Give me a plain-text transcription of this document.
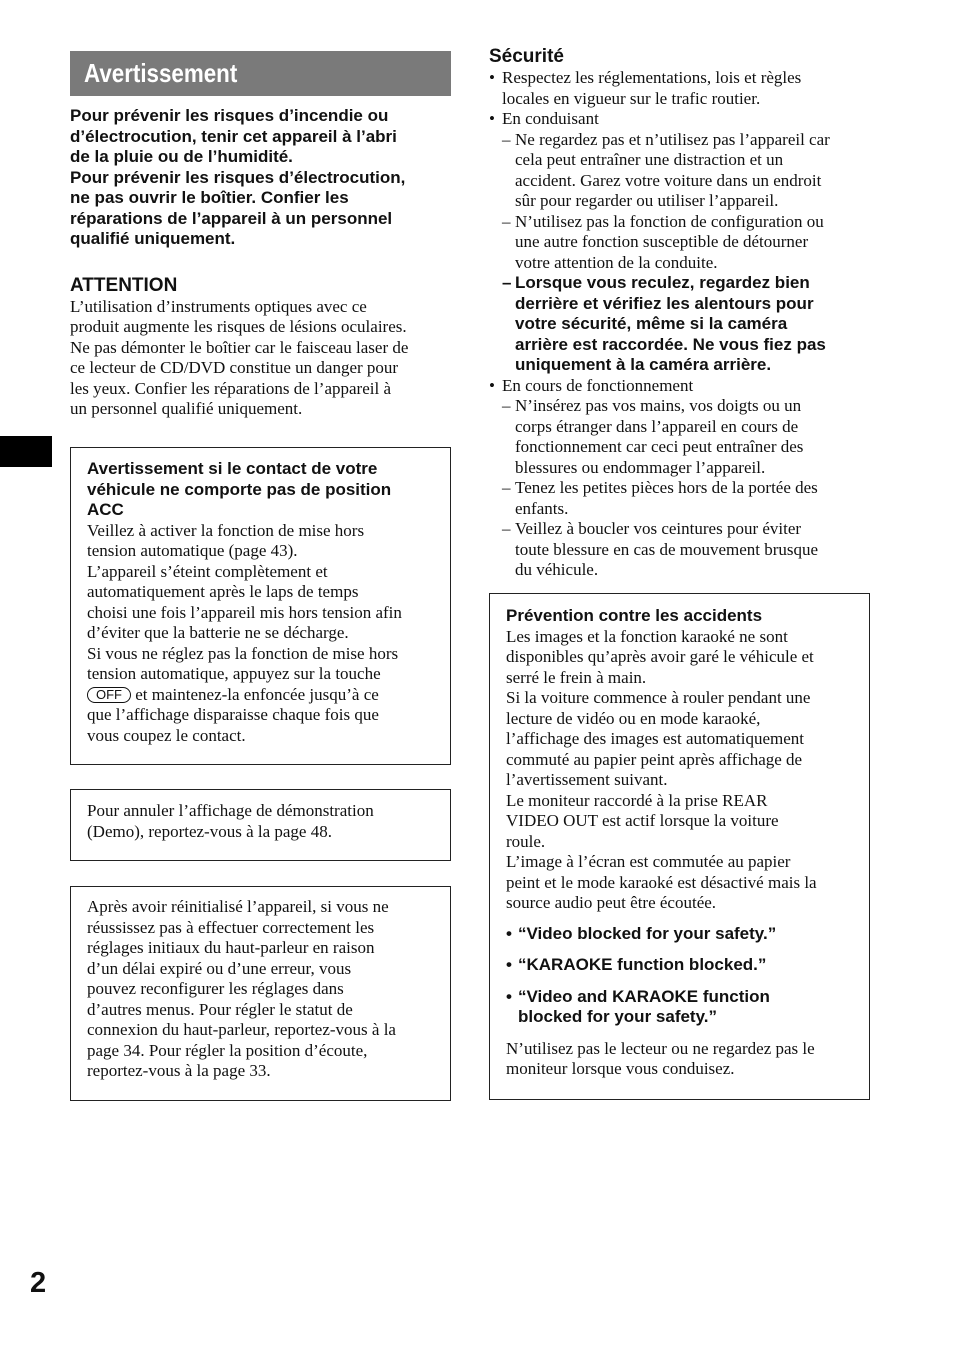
Avertissement
Pour prévenir les risques d’incendie ou
d’électrocution, tenir cet appareil à l’abri
de la pluie ou de l’humidité.
Pour prévenir les risques d’électrocution,
ne pas ouvrir le boîtier. Confier les
réparations de l’appareil à un personnel
qualifié uniquement.
ATTENTION
L’utilisation d’instruments optiques avec ce
produit augmente les risques de lésions oculaires.
Ne pas démonter le boîtier car le faisceau laser de
ce lecteur de CD/DVD constitue un danger pour
les yeux. Confier les réparations de l’appareil à
un personnel qualifié uniquement.
Avertissement si le contact de votre
véhicule ne comporte pas de position
ACC
Veillez à activer la fonction de mise hors
tension automatique (page 43).
L’appareil s’éteint complètement et
automatiquement après le laps de temps
choisi une fois l’appareil mis hors tension afin
d’éviter que la batterie ne se décharge.
Si vous ne réglez pas la fonction de mise hors
tension automatique, appuyez sur la touche
OFF et maintenez-la enfoncée jusqu’à ce
que l’affichage disparaisse chaque fois que
vous coupez le contact.
Pour annuler l’affichage de démonstration
(Demo), reportez-vous à la page 48.
Après avoir réinitialisé l’appareil, si vous ne
réussissez pas à effectuer correctement les
réglages initiaux du haut-parleur en raison
d’un délai expiré ou d’une erreur, vous
pouvez reconfigurer les réglages dans
d’autres menus. Pour régler le statut de
connexion du haut-parleur, reportez-vous à la
page 34. Pour régler la position d’écoute,
reportez-vous à la page 33.
Sécurité
• Respectez les réglementations, lois et règles
locales en vigueur sur le trafic routier.
• En conduisant
– Ne regardez pas et n’utilisez pas l’appareil car
cela peut entraîner une distraction et un
accident. Garez votre voiture dans un endroit
sûr pour regarder ou utiliser l’appareil.
– N’utilisez pas la fonction de configuration ou
une autre fonction susceptible de détourner
votre attention de la conduite.
– Lorsque vous reculez, regardez bien
derrière et vérifiez les alentours pour
votre sécurité, même si la caméra
arrière est raccordée. Ne vous fiez pas
uniquement à la caméra arrière.
• En cours de fonctionnement
– N’insérez pas vos mains, vos doigts ou un
corps étranger dans l’appareil en cours de
fonctionnement car ceci peut entraîner des
blessures ou endommager l’appareil.
– Tenez les petites pièces hors de la portée des
enfants.
– Veillez à boucler vos ceintures pour éviter
toute blessure en cas de mouvement brusque
du véhicule.
Prévention contre les accidents
Les images et la fonction karaoké ne sont
disponibles qu’après avoir garé le véhicule et
serré le frein à main.
Si la voiture commence à rouler pendant une
lecture de vidéo ou en mode karaoké,
l’affichage des images est automatiquement
commuté au papier peint après affichage de
l’avertissement suivant.
Le moniteur raccordé à la prise REAR
VIDEO OUT est actif lorsque la voiture
roule.
L’image à l’écran est commutée au papier
peint et le mode karaoké est désactivé mais la
source audio peut être écoutée.
• “Video blocked for your safety.”
• “KARAOKE function blocked.”
• “Video and KARAOKE function
blocked for your safety.”
N’utilisez pas le lecteur ou ne regardez pas le
moniteur lorsque vous conduisez.
2
